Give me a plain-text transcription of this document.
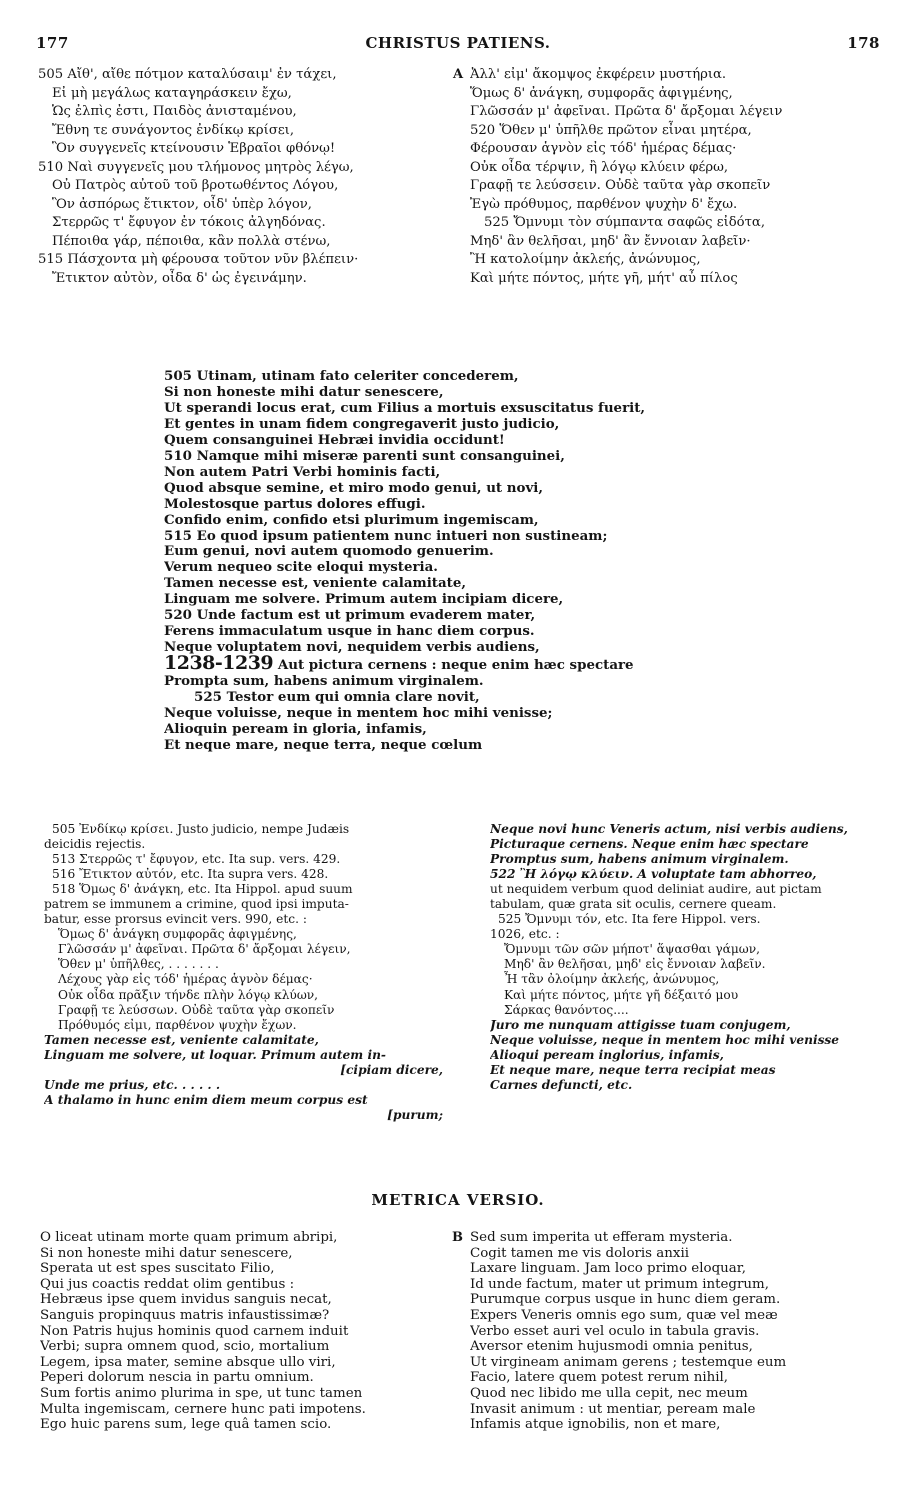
177	CHRISTUS PATIENS.	178
505 Αἴθ', αἴθε πότμον καταλύσαιμ' ἐν τάχει,
Εἰ μὴ μεγάλως καταγηράσκειν ἔχω,
Ὡς ἐλπὶς ἐστι, Παιδὸς ἀνισταμένου,
Ἔθνη τε συνάγοντος ἐνδίκῳ κρίσει,
Ὃν συγγενεῖς κτείνουσιν Ἑβραῖοι φθόνῳ!
510 Ναὶ συγγενεῖς μου τλήμονος μητρὸς λέγω,
Οὐ Πατρὸς αὐτοῦ τοῦ βροτωθέντος Λόγου,
Ὃν ἀσπόρως ἔτικτον, οἶδ' ὑπὲρ λόγον,
Στερρῶς τ' ἔφυγον ἐν τόκοις ἀλγηδόνας.
Πέποιθα γάρ, πέποιθα, κἂν πολλὰ στένω,
515 Πάσχοντα μὴ φέρουσα τοῦτον νῦν βλέπειν·
Ἔτικτον αὐτὸν, οἶδα δ' ὡς ἐγεινάμην.
A Ἀλλ' εἰμ' ἄκομψος ἐκφέρειν μυστήρια.
Ὅμως δ' ἀνάγκη, συμφορᾶς ἀφιγμένης,
Γλῶσσάν μ' ἀφεῖναι. Πρῶτα δ' ἄρξομαι λέγειν
520 Ὅθεν μ' ὑπῆλθε πρῶτον εἶναι μητέρα,
Φέρουσαν ἁγνὸν εἰς τόδ' ἡμέρας δέμας·
Οὐκ οἶδα τέρψιν, ἢ λόγῳ κλύειν φέρω,
Γραφῇ τε λεύσσειν. Οὐδὲ ταῦτα γὰρ σκοπεῖν
Ἐγὼ πρόθυμος, παρθένον ψυχὴν δ' ἔχω.
525 Ὄμνυμι τὸν σύμπαντα σαφῶς εἰδότα,
Μηδ' ἂν θελῆσαι, μηδ' ἂν ἔννοιαν λαβεῖν·
Ἢ κατολοίμην ἀκλεής, ἀνώνυμος,
Καὶ μήτε πόντος, μήτε γῆ, μήτ' αὖ πίλος
505 Utinam, utinam fato celeriter concederem,
Si non honeste mihi datur senescere,
Ut sperandi locus erat, cum Filius a mortuis exsuscitatus fuerit,
Et gentes in unam fidem congregaverit justo judicio,
Quem consanguinei Hebræi invidia occidunt!
510 Namque mihi miseræ parenti sunt consanguinei,
Non autem Patri Verbi hominis facti,
Quod absque semine, et miro modo genui, ut novi,
Molestosque partus dolores effugi.
Confido enim, confido etsi plurimum ingemiscam,
515 Eo quod ipsum patientem nunc intueri non sustineam;
Eum genui, novi autem quomodo genuerim.
Verum nequeo scite eloqui mysteria.
Tamen necesse est, veniente calamitate,
Linguam me solvere. Primum autem incipiam dicere,
520 Unde factum est ut primum evaderem mater,
Ferens immaculatum usque in hanc diem corpus.
Neque voluptatem novi, nequidem verbis audiens,
1238-1239 Aut pictura cernens : neque enim hæc spectare
Prompta sum, habens animum virginalem.
525 Testor eum qui omnia clare novit,
Neque voluisse, neque in mentem hoc mihi venisse;
Alioquin peream in gloria, infamis,
Et neque mare, neque terra, neque cœlum
505 Ἐνδίκῳ κρίσει. Justo judicio, nempe Judæis
deicidis rejectis.
513 Στερρῶς τ' ἔφυγον, etc. Ita sup. vers. 429.
516 Ἔτικτον αὐτόν, etc. Ita supra vers. 428.
518 Ὅμως δ' ἀνάγκη, etc. Ita Hippol. apud suum
patrem se immunem a crimine, quod ipsi imputa-
batur, esse prorsus evincit vers. 990, etc. :
Ὅμως δ' ἀνάγκη συμφορᾶς ἀφιγμένης,
Γλῶσσάν μ' ἀφεῖναι. Πρῶτα δ' ἄρξομαι λέγειν,
Ὅθεν μ' ὑπῆλθες, . . . . . . .
Λέχους γὰρ εἰς τόδ' ἡμέρας ἁγνὸν δέμας·
Οὐκ οἶδα πρᾶξιν τήνδε πλὴν λόγῳ κλύων,
Γραφῇ τε λεύσσων. Οὐδὲ ταῦτα γὰρ σκοπεῖν
Πρόθυμός εἰμι, παρθένον ψυχὴν ἔχων.
Tamen necesse est, veniente calamitate,
Linguam me solvere, ut loquar. Primum autem in-
[cipiam dicere,
Unde me prius, etc. . . . . .
A thalamo in hunc enim diem meum corpus est
[purum;
Neque novi hunc Veneris actum, nisi verbis audiens,
Picturaque cernens. Neque enim hæc spectare
Promptus sum, habens animum virginalem.
522 Ἢ λόγῳ κλύειν. A voluptate tam abhorreo,
ut nequidem verbum quod deliniat audire, aut pictam
tabulam, quæ grata sit oculis, cernere queam.
525 Ὄμνυμι τόν, etc. Ita fere Hippol. vers.
1026, etc. :
Ὄμνυμι τῶν σῶν μήποτ' ἅψασθαι γάμων,
Μηδ' ἂν θελῆσαι, μηδ' εἰς ἔννοιαν λαβεῖν.
Ἦ τἂν ὀλοίμην ἀκλεής, ἀνώνυμος,
Καὶ μήτε πόντος, μήτε γῆ δέξαιτό μου
Σάρκας θανόντος....
Juro me nunquam attigisse tuam conjugem,
Neque voluisse, neque in mentem hoc mihi venisse
Alioqui peream inglorius, infamis,
Et neque mare, neque terra recipiat meas
Carnes defuncti, etc.
METRICA VERSIO.
O liceat utinam morte quam primum abripi,
Si non honeste mihi datur senescere,
Sperata ut est spes suscitato Filio,
Qui jus coactis reddat olim gentibus :
Hebræus ipse quem invidus sanguis necat,
Sanguis propinquus matris infaustissimæ?
Non Patris hujus hominis quod carnem induit
Verbi; supra omnem quod, scio, mortalium
Legem, ipsa mater, semine absque ullo viri,
Peperi dolorum nescia in partu omnium.
Sum fortis animo plurima in spe, ut tunc tamen
Multa ingemiscam, cernere hunc pati impotens.
Ego huic parens sum, lege quâ tamen scio.
B Sed sum imperita ut efferam mysteria.
Cogit tamen me vis doloris anxii
Laxare linguam. Jam loco primo eloquar,
Id unde factum, mater ut primum integrum,
Purumque corpus usque in hunc diem geram.
Expers Veneris omnis ego sum, quæ vel meæ
Verbo esset auri vel oculo in tabula gravis.
Aversor etenim hujusmodi omnia penitus,
Ut virgineam animam gerens ; testemque eum
Facio, latere quem potest rerum nihil,
Quod nec libido me ulla cepit, nec meum
Invasit animum : ut mentiar, peream male
Infamis atque ignobilis, non et mare,
